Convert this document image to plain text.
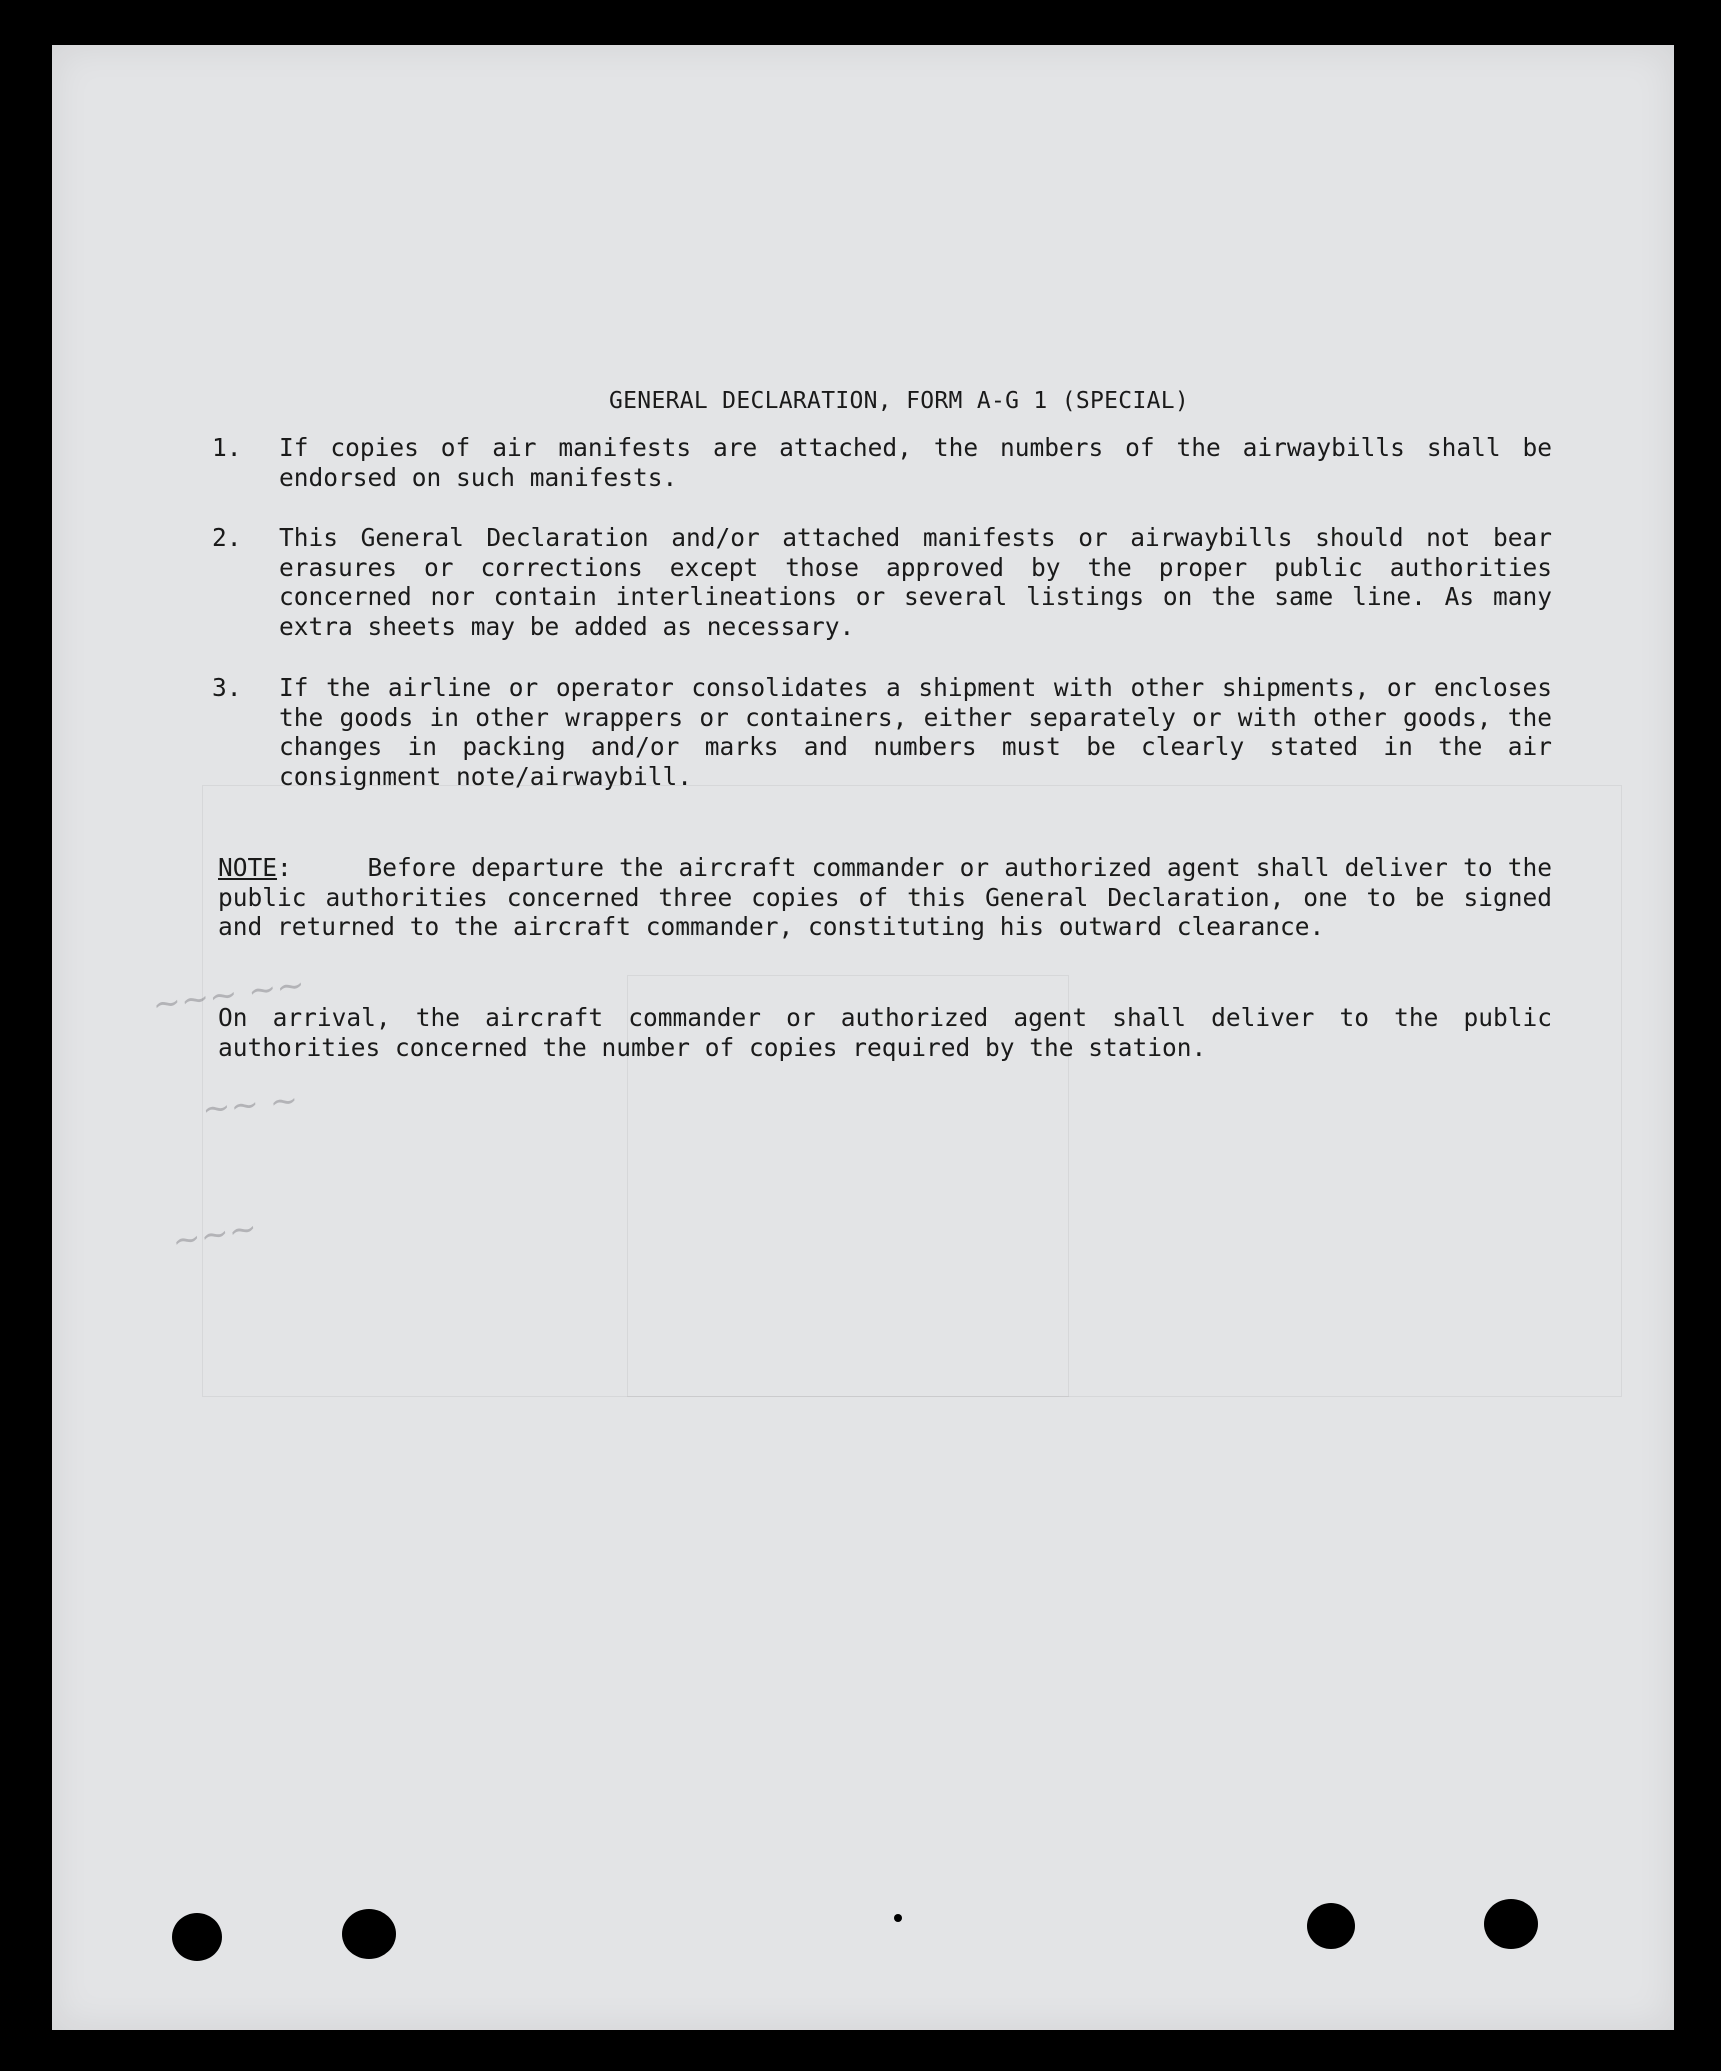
~~~ ~~
~~ ~
~~~
GENERAL DECLARATION, FORM A-G 1 (SPECIAL)
1.	If copies of air manifests are attached, the numbers of the airwaybills shall be endorsed on such manifests.
2.	This General Declaration and/or attached manifests or airwaybills should not bear erasures or corrections except those approved by the proper public authorities concerned nor contain interlineations or several listings on the same line. As many extra sheets may be added as necessary.
3.	If the airline or operator consolidates a shipment with other shipments, or encloses the goods in other wrappers or containers, either separately or with other goods, the changes in packing and/or marks and numbers must be clearly stated in the air consignment note/airwaybill.
NOTE:	Before departure the aircraft commander or authorized agent shall deliver to the public authorities concerned three copies of this General Declaration, one to be signed and returned to the aircraft commander, constituting his outward clearance.
On arrival, the aircraft commander or authorized agent shall deliver to the public authorities concerned the number of copies required by the station.
